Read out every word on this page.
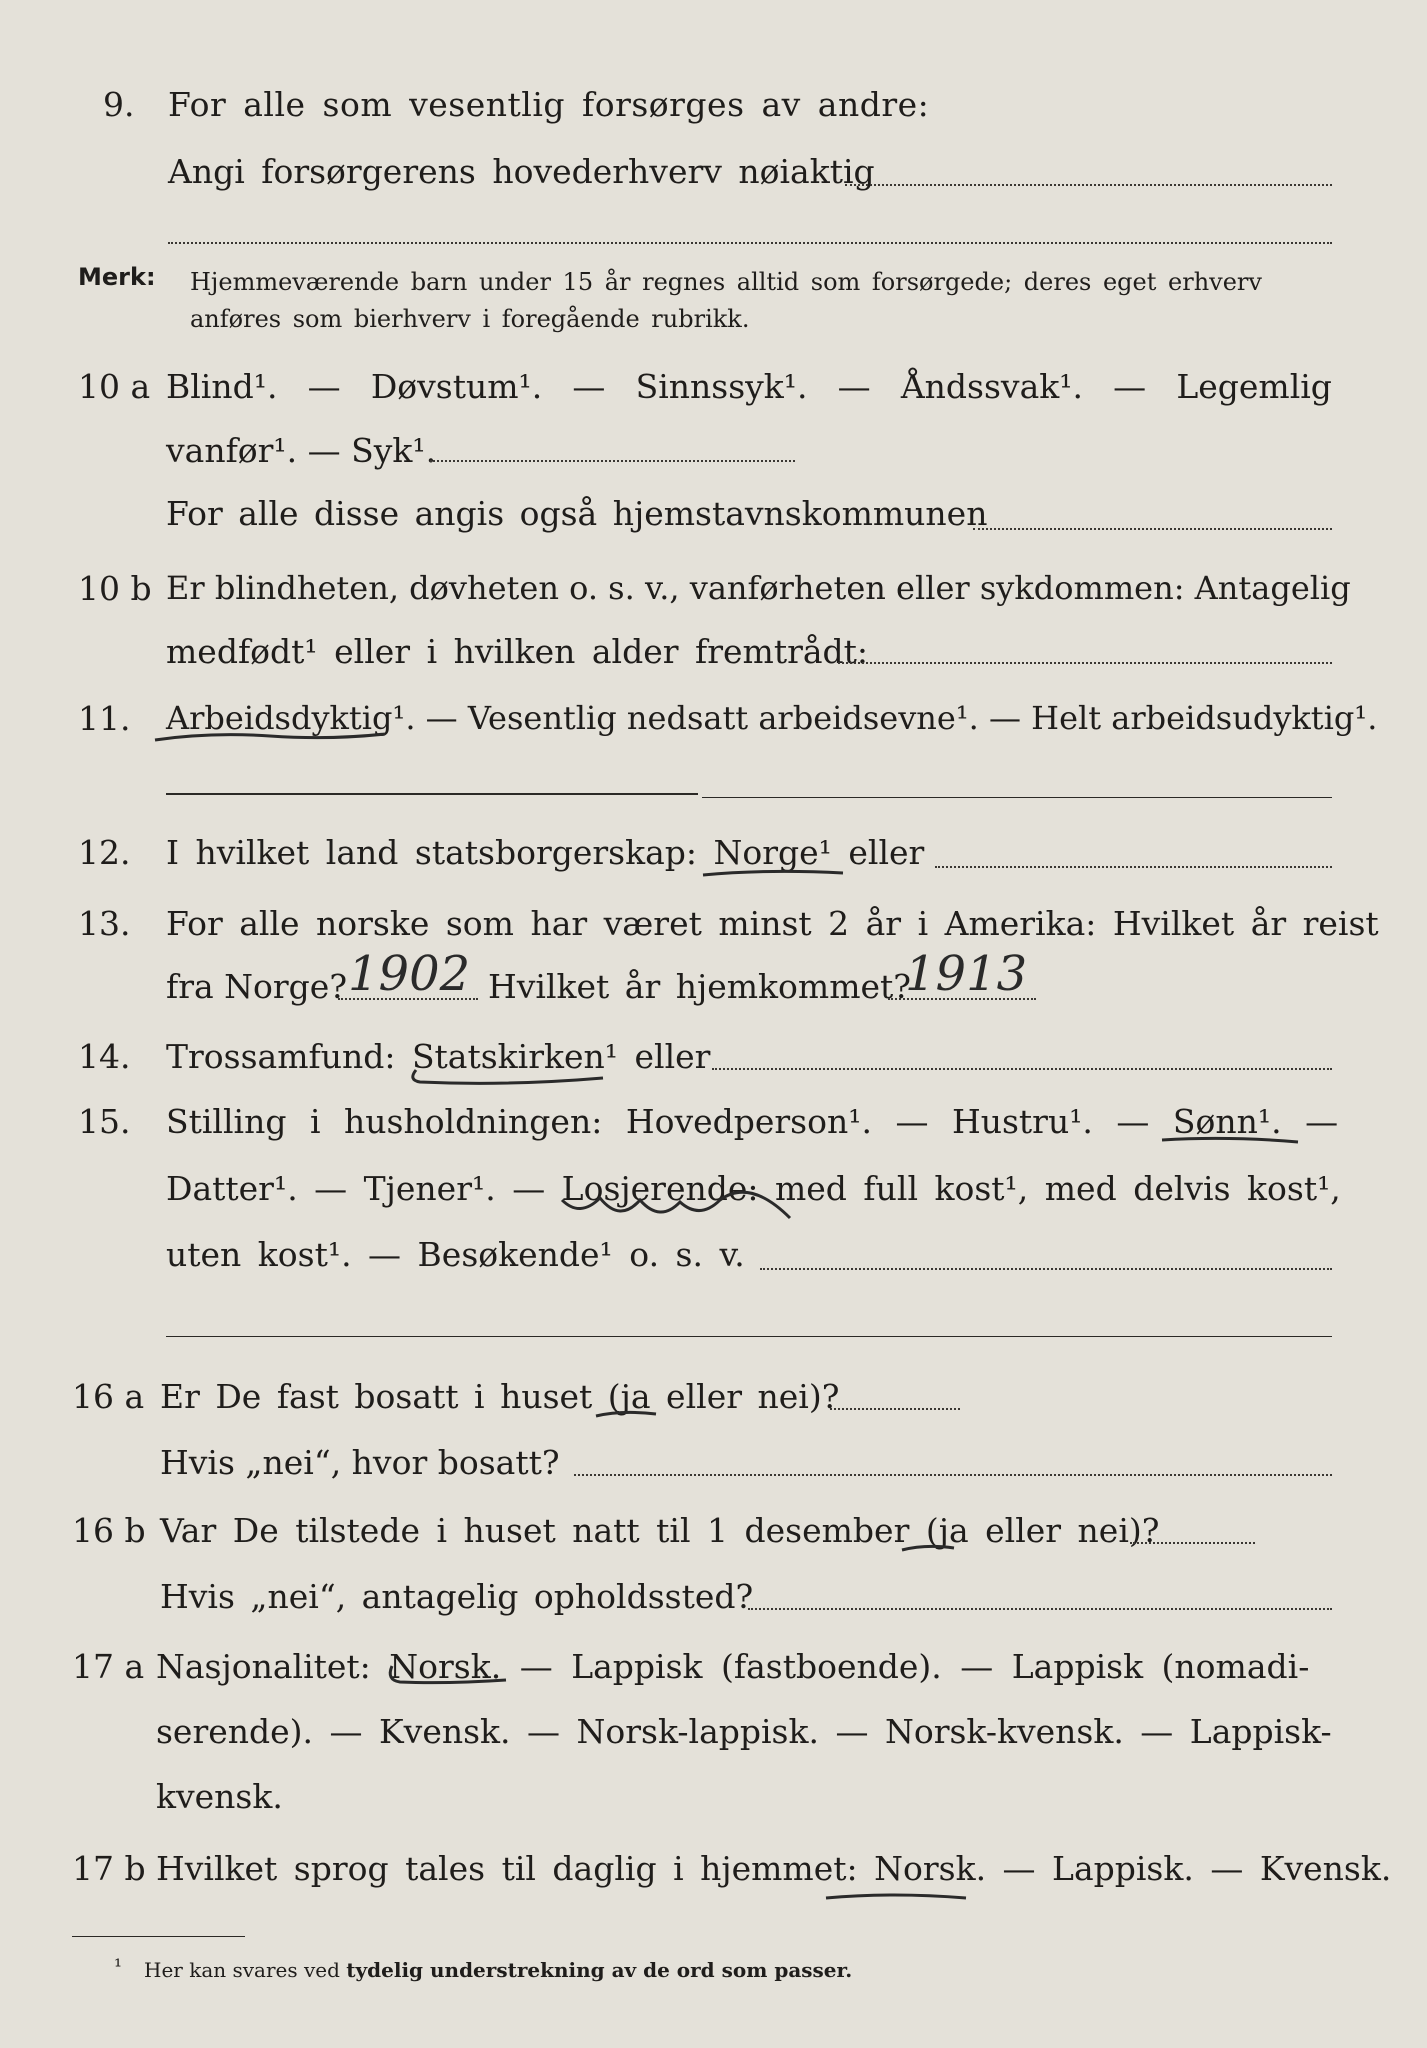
9. For alle som vesentlig forsørges av andre:
Angi forsørgerens hovederhverv nøiaktig
Merk: Hjemmeværende barn under 15 år regnes alltid som forsørgede; deres eget erhverv
anføres som bierhverv i foregående rubrikk.
10 a Blind¹. — Døvstum¹. — Sinnssyk¹. — Åndssvak¹. — Legemlig
vanfør¹. — Syk¹.
For alle disse angis også hjemstavnskommunen
10 b Er blindheten, døvheten o. s. v., vanførheten eller sykdommen: Antagelig
medfødt¹ eller i hvilken alder fremtrådt:
11. Arbeidsdyktig¹. — Vesentlig nedsatt arbeidsevne¹. — Helt arbeidsudyktig¹.
12. I hvilket land statsborgerskap: Norge¹ eller
13. For alle norske som har været minst 2 år i Amerika: Hvilket år reist
fra Norge? 1902 Hvilket år hjemkommet?
1913
14. Trossamfund: Statskirken¹ eller
15. Stilling i husholdningen: Hovedperson¹. — Hustru¹. — Sønn¹. —
Datter¹. — Tjener¹. — Losjerende: med full kost¹, med delvis kost¹,
uten kost¹. — Besøkende¹ o. s. v.
16 a Er De fast bosatt i huset (ja eller nei)?
Hvis „nei“, hvor bosatt?
16 b Var De tilstede i huset natt til 1 desember (ja eller nei)?
Hvis „nei“, antagelig opholdssted?
17 a Nasjonalitet: Norsk. — Lappisk (fastboende). — Lappisk (nomadi-
serende). — Kvensk. — Norsk-lappisk. — Norsk-kvensk. — Lappisk-
kvensk.
17 b Hvilket sprog tales til daglig i hjemmet: Norsk. — Lappisk. — Kvensk.
¹ Her kan svares ved tydelig understrekning av de ord som passer.
